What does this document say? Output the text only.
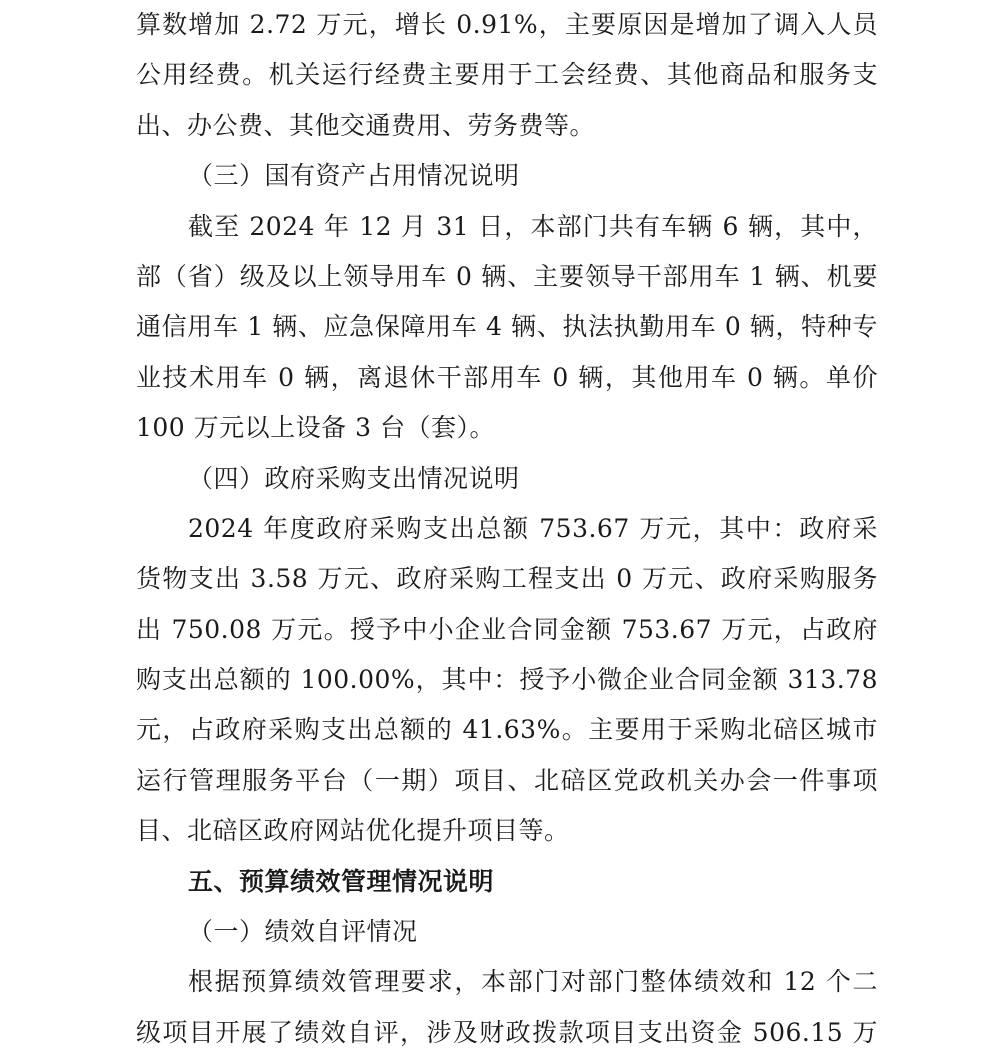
算数增加 2.72 万元，增长 0.91%，主要原因是增加了调入人员
公用经费。机关运行经费主要用于工会经费、其他商品和服务支
出、办公费、其他交通费用、劳务费等。
（三）国有资产占用情况说明
截至 2024 年 12 月 31 日，本部门共有车辆 6 辆，其中，
部（省）级及以上领导用车 0 辆、主要领导干部用车 1 辆、机要
通信用车 1 辆、应急保障用车 4 辆、执法执勤用车 0 辆，特种专
业技术用车 0 辆，离退休干部用车 0 辆，其他用车 0 辆。单价
100 万元以上设备 3 台（套）。
（四）政府采购支出情况说明
2024 年度政府采购支出总额 753.67 万元，其中：政府采
货物支出 3.58 万元、政府采购工程支出 0 万元、政府采购服务
出 750.08 万元。授予中小企业合同金额 753.67 万元，占政府
购支出总额的 100.00%，其中：授予小微企业合同金额 313.78
元，占政府采购支出总额的 41.63%。主要用于采购北碚区城市
运行管理服务平台（一期）项目、北碚区党政机关办会一件事项
目、北碚区政府网站优化提升项目等。
五、预算绩效管理情况说明
（一）绩效自评情况
根据预算绩效管理要求，本部门对部门整体绩效和 12 个二
级项目开展了绩效自评，涉及财政拨款项目支出资金 506.15 万
